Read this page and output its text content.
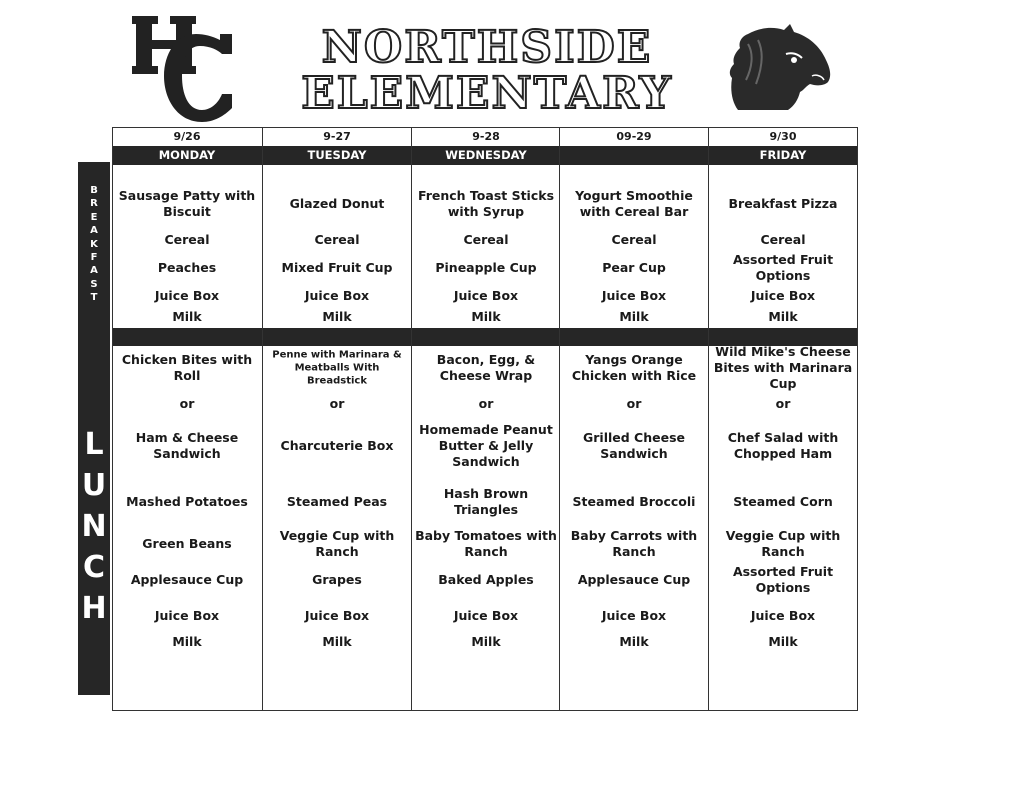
NORTHSIDE
ELEMENTARY
B
R
E
A
K
F
A
S
T
L
U
N
C
H
9/26
MONDAY
Sausage Patty with Biscuit
Cereal
Peaches
Juice Box
Milk
Chicken Bites with Roll
or
Ham & Cheese Sandwich
Mashed Potatoes
Green Beans
Applesauce Cup
Juice Box
Milk
9-27
TUESDAY
Glazed Donut
Cereal
Mixed Fruit Cup
Juice Box
Milk
Penne with Marinara & Meatballs With Breadstick
or
Charcuterie Box
Steamed Peas
Veggie Cup with Ranch
Grapes
Juice Box
Milk
9-28
WEDNESDAY
French Toast Sticks with Syrup
Cereal
Pineapple Cup
Juice Box
Milk
Bacon, Egg, & Cheese Wrap
or
Homemade Peanut Butter & Jelly Sandwich
Hash Brown Triangles
Baby Tomatoes with Ranch
Baked Apples
Juice Box
Milk
09-29
Yogurt Smoothie with Cereal Bar
Cereal
Pear Cup
Juice Box
Milk
Yangs Orange Chicken with Rice
or
Grilled Cheese Sandwich
Steamed Broccoli
Baby Carrots with Ranch
Applesauce Cup
Juice Box
Milk
9/30
FRIDAY
Breakfast Pizza
Cereal
Assorted Fruit Options
Juice Box
Milk
Wild Mike's Cheese Bites with Marinara Cup
or
Chef Salad with Chopped Ham
Steamed Corn
Veggie Cup with Ranch
Assorted Fruit Options
Juice Box
Milk
